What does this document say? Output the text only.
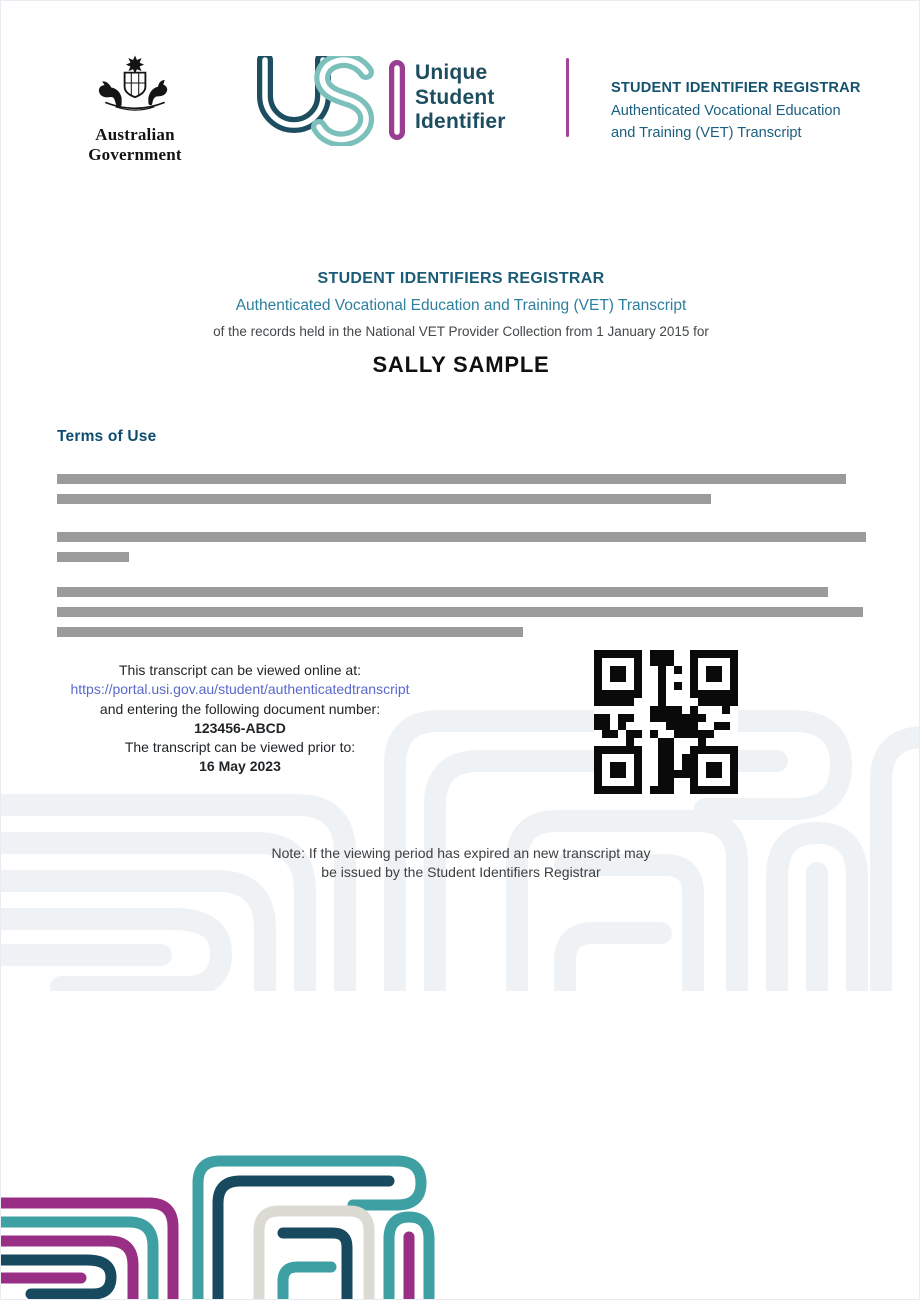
Australian Government
Unique
Student
Identifier
STUDENT IDENTIFIER REGISTRAR
Authenticated Vocational Education
and Training (VET) Transcript
STUDENT IDENTIFIERS REGISTRAR
Authenticated Vocational Education and Training (VET) Transcript
of the records held in the National VET Provider Collection from 1 January 2015 for
SALLY SAMPLE
Terms of Use
This transcript can be viewed online at:
https://portal.usi.gov.au/student/authenticatedtranscript
and entering the following document number:
123456-ABCD
The transcript can be viewed prior to:
16 May 2023
Note: If the viewing period has expired an new transcript may
be issued by the Student Identifiers Registrar
